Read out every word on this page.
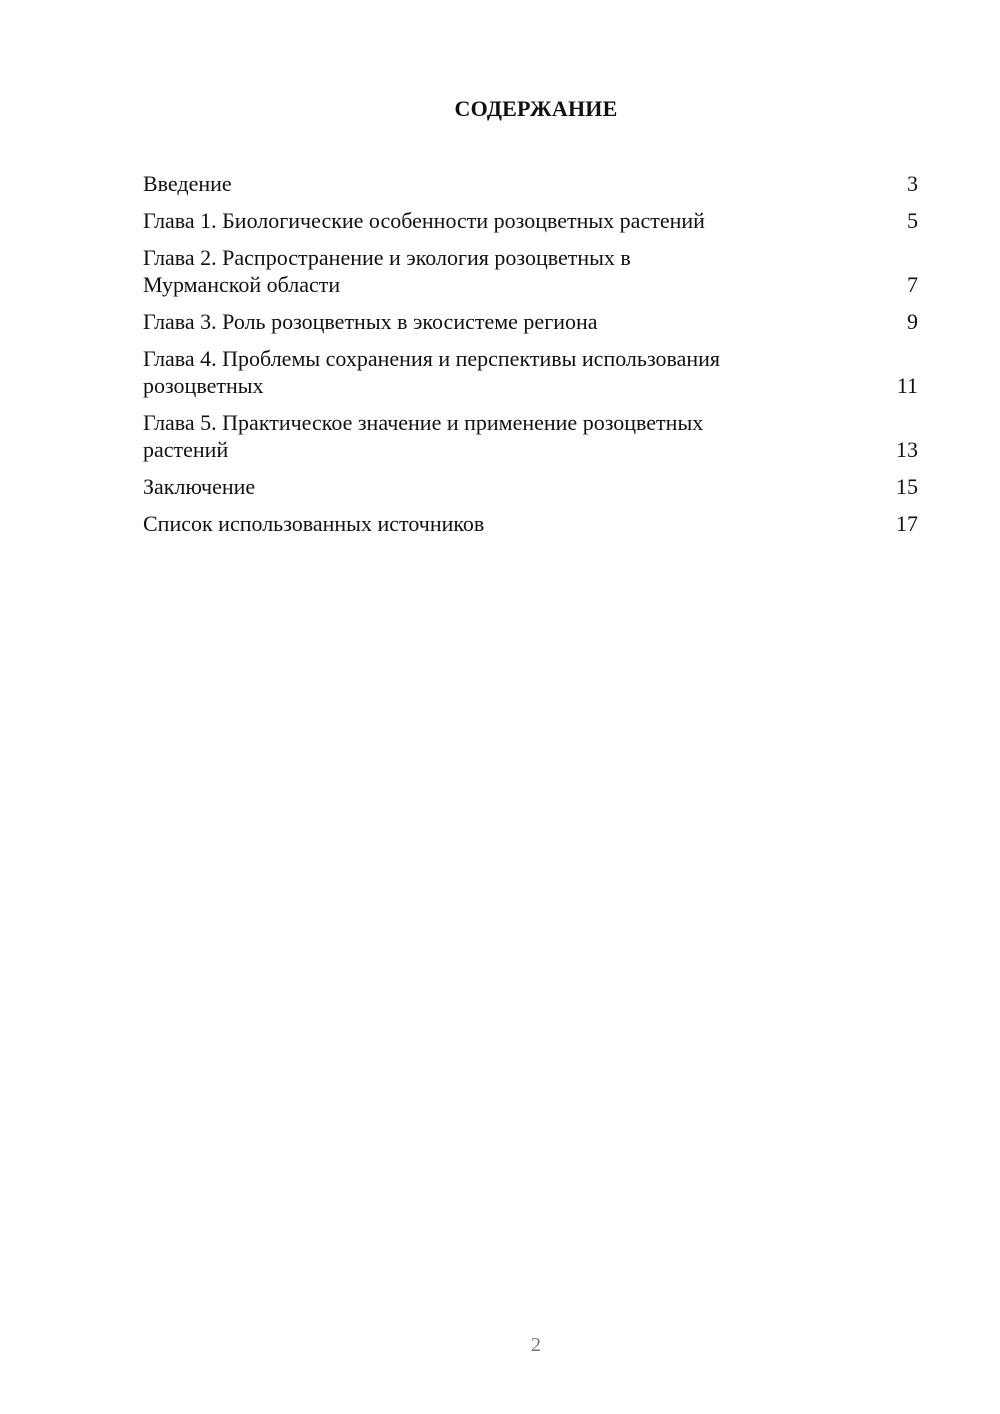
СОДЕРЖАНИЕ
Введение	3
Глава 1. Биологические особенности розоцветных растений	5
Глава 2. Распространение и экология розоцветных в
Мурманской области	7
Глава 3. Роль розоцветных в экосистеме региона	9
Глава 4. Проблемы сохранения и перспективы использования
розоцветных	11
Глава 5. Практическое значение и применение розоцветных
растений	13
Заключение	15
Список использованных источников	17
2
